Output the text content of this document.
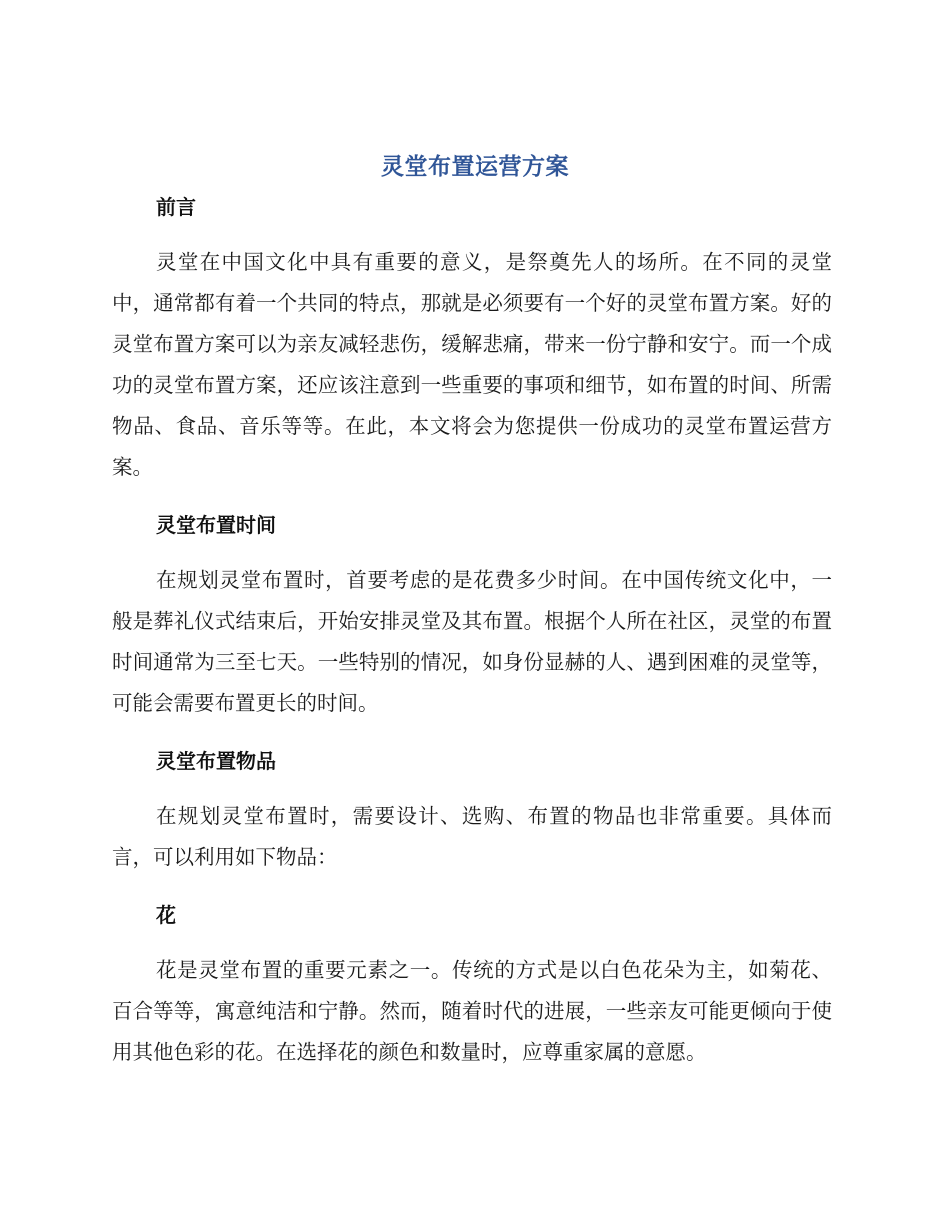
灵堂布置运营方案
前言

灵堂在中国文化中具有重要的意义，是祭奠先人的场所。在不同的灵堂中，通常都有着一个共同的特点，那就是必须要有一个好的灵堂布置方案。好的灵堂布置方案可以为亲友减轻悲伤，缓解悲痛，带来一份宁静和安宁。而一个成功的灵堂布置方案，还应该注意到一些重要的事项和细节，如布置的时间、所需物品、食品、音乐等等。在此，本文将会为您提供一份成功的灵堂布置运营方案。

灵堂布置时间

在规划灵堂布置时，首要考虑的是花费多少时间。在中国传统文化中，一般是葬礼仪式结束后，开始安排灵堂及其布置。根据个人所在社区，灵堂的布置时间通常为三至七天。一些特别的情况，如身份显赫的人、遇到困难的灵堂等，可能会需要布置更长的时间。

灵堂布置物品

在规划灵堂布置时，需要设计、选购、布置的物品也非常重要。具体而言，可以利用如下物品：

花

花是灵堂布置的重要元素之一。传统的方式是以白色花朵为主，如菊花、百合等等，寓意纯洁和宁静。然而，随着时代的进展，一些亲友可能更倾向于使用其他色彩的花。在选择花的颜色和数量时，应尊重家属的意愿。
